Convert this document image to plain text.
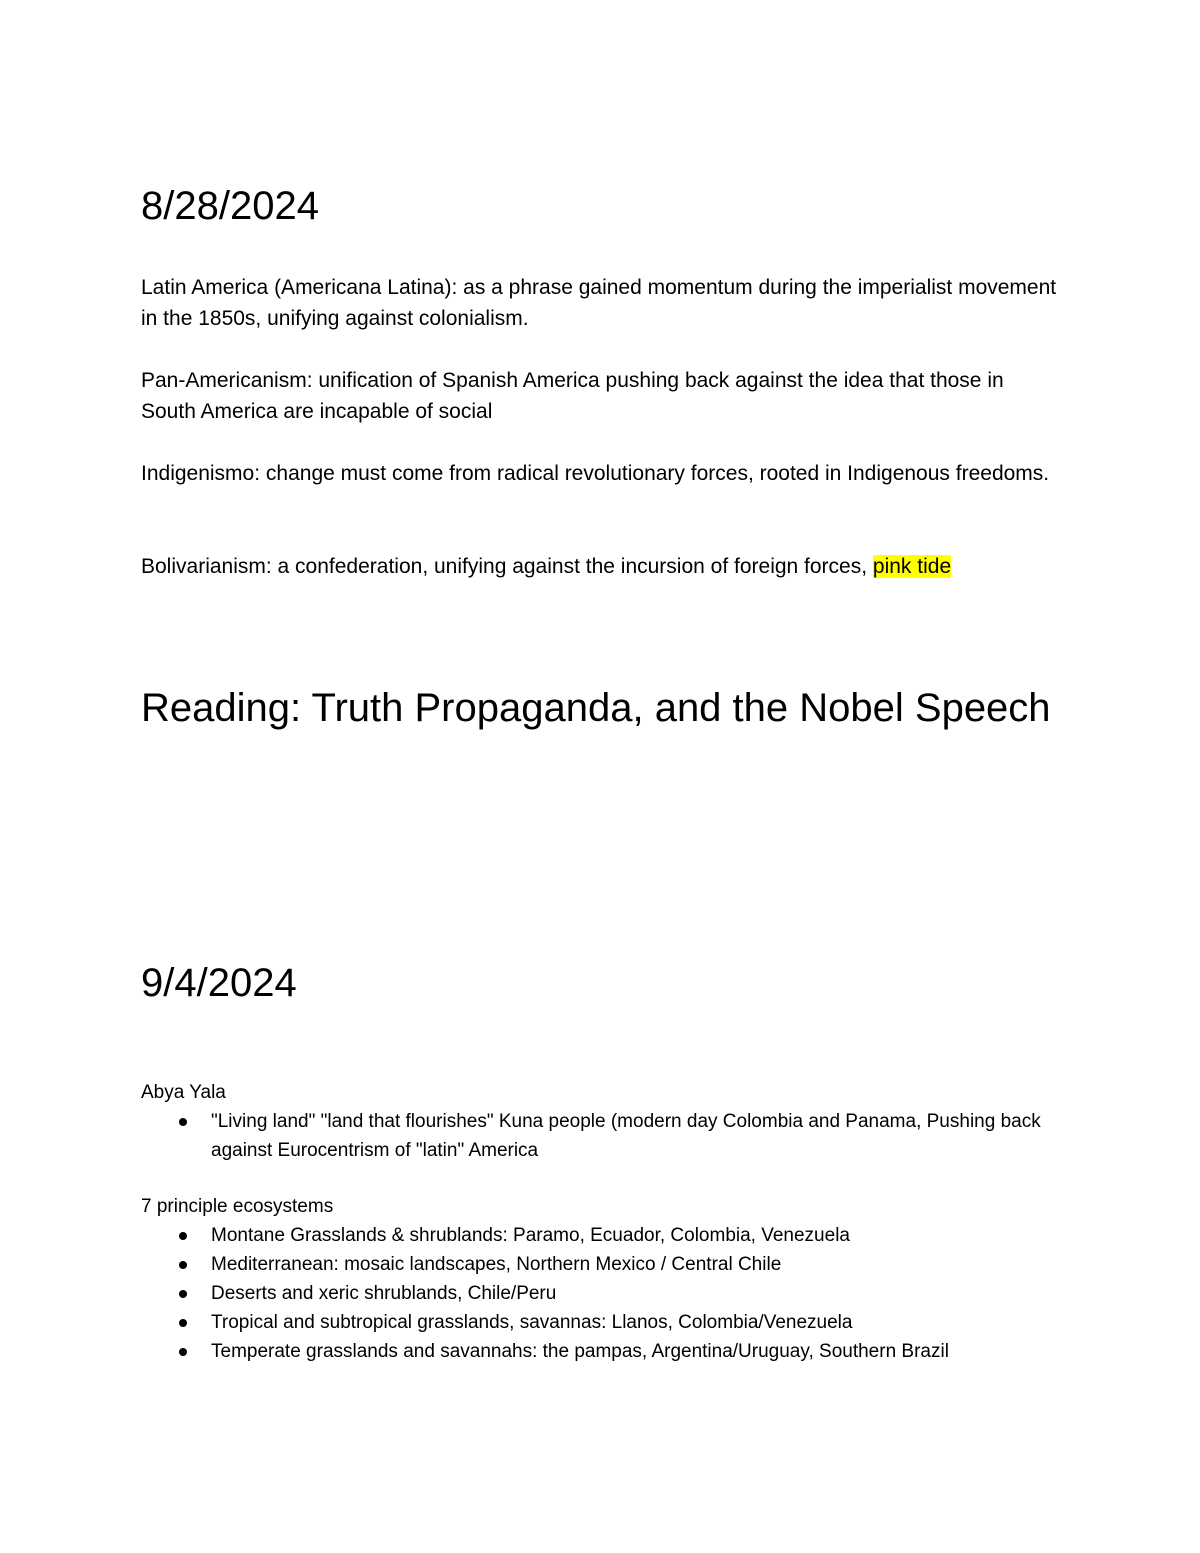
8/28/2024
Latin America (Americana Latina): as a phrase gained momentum during the imperialist movement in the 1850s, unifying against colonialism.
Pan-Americanism: unification of Spanish America pushing back against the idea that those in South America are incapable of social
Indigenismo: change must come from radical revolutionary forces, rooted in Indigenous freedoms.
Bolivarianism: a confederation, unifying against the incursion of foreign forces, pink tide
Reading: Truth Propaganda, and the Nobel Speech
9/4/2024
Abya Yala
"Living land" "land that flourishes" Kuna people (modern day Colombia and Panama, Pushing back against Eurocentrism of "latin" America
7 principle ecosystems
Montane Grasslands & shrublands: Paramo, Ecuador, Colombia, Venezuela
Mediterranean: mosaic landscapes, Northern Mexico / Central Chile
Deserts and xeric shrublands, Chile/Peru
Tropical and subtropical grasslands, savannas: Llanos, Colombia/Venezuela
Temperate grasslands and savannahs: the pampas, Argentina/Uruguay, Southern Brazil
